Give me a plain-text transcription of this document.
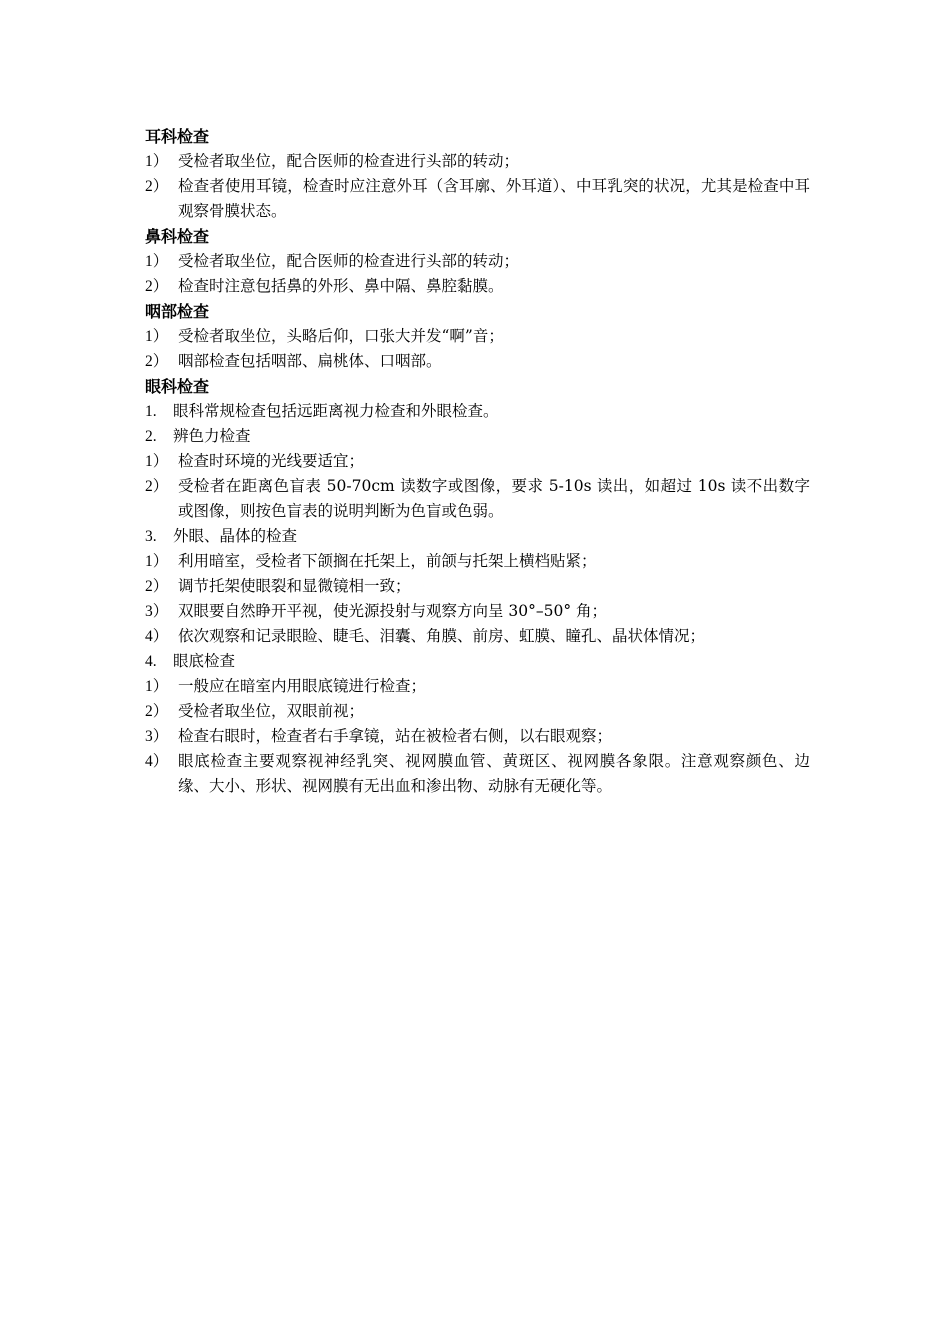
耳科检查
1） 受检者取坐位，配合医师的检查进行头部的转动；
2） 检查者使用耳镜，检查时应注意外耳（含耳廓、外耳道）、中耳乳突的状况，尤其是检查中耳观察骨膜状态。
鼻科检查
1） 受检者取坐位，配合医师的检查进行头部的转动；
2） 检查时注意包括鼻的外形、鼻中隔、鼻腔黏膜。
咽部检查
1） 受检者取坐位，头略后仰，口张大并发“啊”音；
2） 咽部检查包括咽部、扁桃体、口咽部。
眼科检查
1.	眼科常规检查包括远距离视力检查和外眼检查。
2.	辨色力检查
1） 检查时环境的光线要适宜；
2） 受检者在距离色盲表 50-70cm 读数字或图像，要求 5-10s 读出，如超过 10s 读不出数字或图像，则按色盲表的说明判断为色盲或色弱。
3.	外眼、晶体的检查
1） 利用暗室，受检者下颌搁在托架上，前颌与托架上横档贴紧；
2） 调节托架使眼裂和显微镜相一致；
3） 双眼要自然睁开平视，使光源投射与观察方向呈 30°–50° 角；
4） 依次观察和记录眼睑、睫毛、泪囊、角膜、前房、虹膜、瞳孔、晶状体情况；
4.	眼底检查
1） 一般应在暗室内用眼底镜进行检查；
2） 受检者取坐位，双眼前视；
3） 检查右眼时，检查者右手拿镜，站在被检者右侧，以右眼观察；
4） 眼底检查主要观察视神经乳突、视网膜血管、黄斑区、视网膜各象限。注意观察颜色、边缘、大小、形状、视网膜有无出血和渗出物、动脉有无硬化等。
